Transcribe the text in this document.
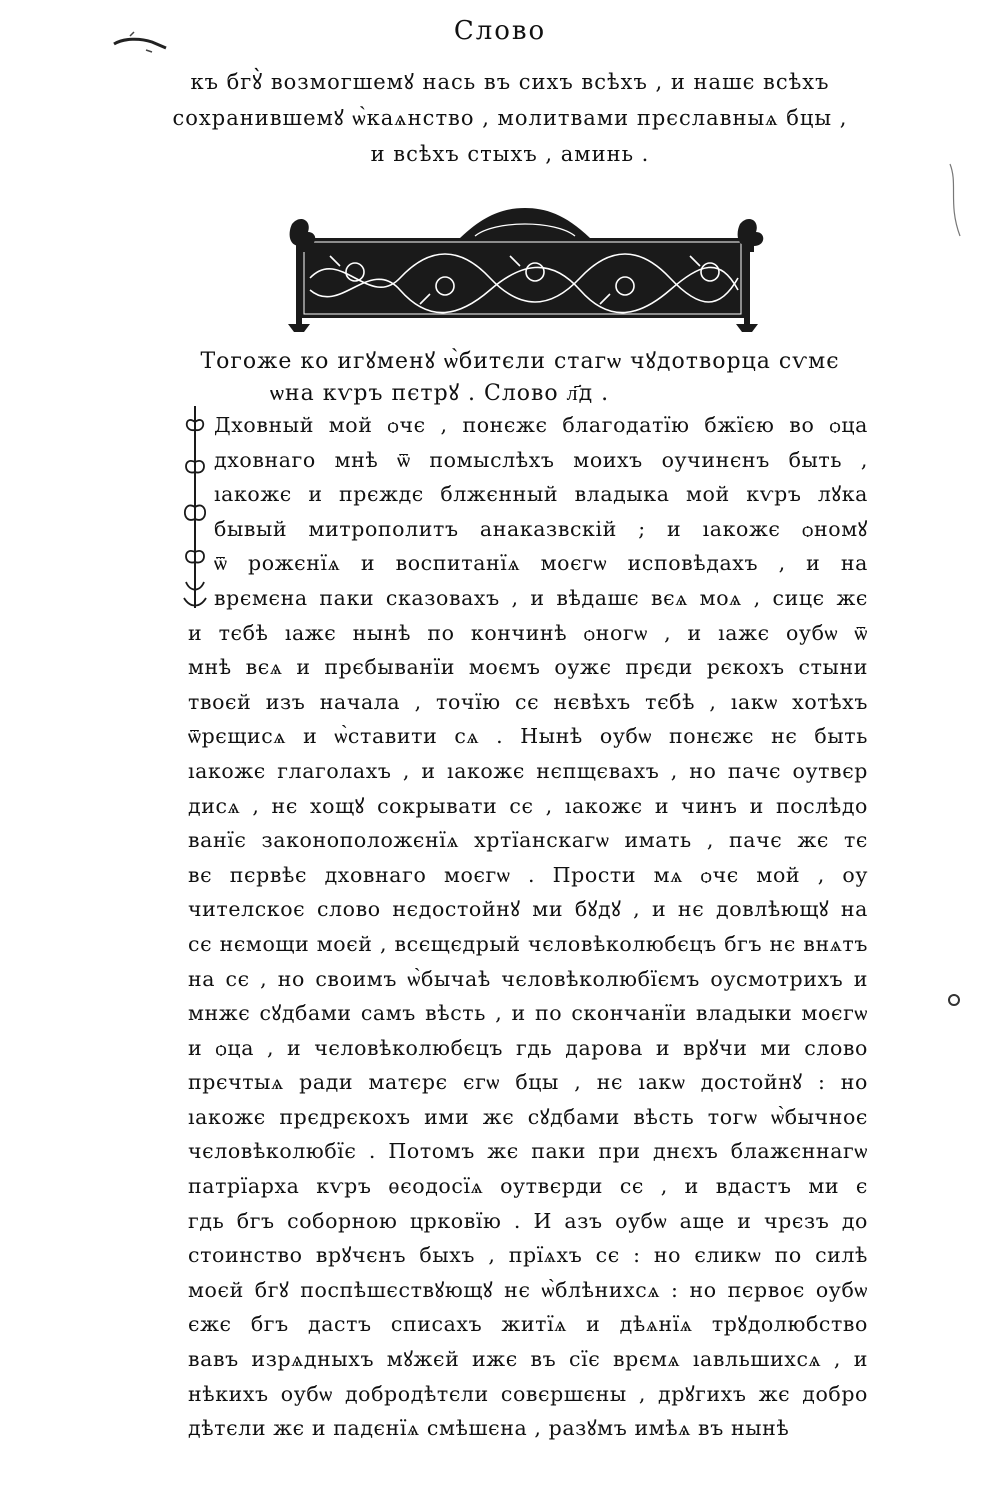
Слово
къ бгꙋ̀ возмогшемꙋ нась въ сихъ всѣхъ , и нашє всѣхъ
сохранившемꙋ ѡ̀каѧнство , молитвами прєславныѧ бцы ,
и всѣхъ стыхъ , аминь .
Тогоже ко игꙋменꙋ ѡ̀битєли стагѡ чꙋдотворца сѵмє
ѡна кѵръ пєтрꙋ . Слово л҃д .
Дховный мой ѻчє , понєжє благодатїю бжїєю во ѻца
дховнаго мнѣ ѿ помыслѣхъ моихъ оучинєнъ быть ,
ıакожє и прєждє блжєнный владыка мой кѵръ лꙋка
бывый митрополитъ анаказвскій ; и ıакожє ѻномꙋ
ѿ рожєнїѧ и воспитанїѧ моєгѡ исповѣдахъ , и на
врємєна паки сказовахъ , и вѣдашє вєѧ моѧ , сицє жє
и тєбѣ ıажє нынѣ по кончинѣ ѻногѡ , и ıажє оубѡ ѿ
мнѣ вєѧ и прєбыванїи моємъ оужє прєди рєкохъ стыни
твоєй изъ начала , точїю сє нєвѣхъ тєбѣ , ıакѡ хотѣхъ
ѿрєщисѧ и ѡ̀ставити сѧ . Нынѣ оубѡ понєжє нє быть
ıакожє глаголахъ , и ıакожє нєпщєвахъ , но пачє оутвєр
дисѧ , нє хощꙋ сокрывати сє , ıакожє и чинъ и послѣдо
ванїє законоположєнїѧ хртїанскагѡ имать , пачє жє тє
вє пєрвѣє дховнаго моєгѡ . Прости мѧ ѻчє мой , оу
чителскоє слово нєдостойнꙋ ми бꙋдꙋ , и нє довлѣющꙋ на
сє нємощи моєй , всєщєдрый чєловѣколюбєцъ бгъ нє внѧтъ
на сє , но своимъ ѡ̀бычаѣ чєловѣколюбїємъ оусмотрихъ и
мнжє сꙋдбами самъ вѣсть , и по скончанїи владыки моєгѡ
и ѻца , и чєловѣколюбєцъ гдь дарова и врꙋчи ми слово
прєчтыѧ ради матєрє єгѡ бцы , нє ıакѡ достойнꙋ : но
ıакожє прєдрєкохъ ими жє сꙋдбами вѣсть тогѡ ѡ̀бычноє
чєловѣколюбїє . Потомъ жє паки при днєхъ блажєннагѡ
патрїарха кѵръ ѳєодосїѧ оутвєрди сє , и вдастъ ми є
гдь бгъ соборною црковїю . И азъ оубѡ аще и чрєзъ до
стоинство врꙋчєнъ быхъ , прїѧхъ сє : но єликѡ по силѣ
моєй бгꙋ поспѣшєствꙋющꙋ нє ѡ̀блѣнихсѧ : но пєрвоє оубѡ
єжє бгъ дастъ списахъ житїѧ и дѣѧнїѧ трꙋдолюбство
вавъ изрѧдныхъ мꙋжєй ижє въ сїє врємѧ ıавльшихсѧ , и
нѣкихъ оубѡ добродѣтєли совєршєны , дрꙋгихъ жє добро
дѣтєли жє и падєнїѧ смѣшєна , разꙋмъ имѣѧ въ нынѣ
